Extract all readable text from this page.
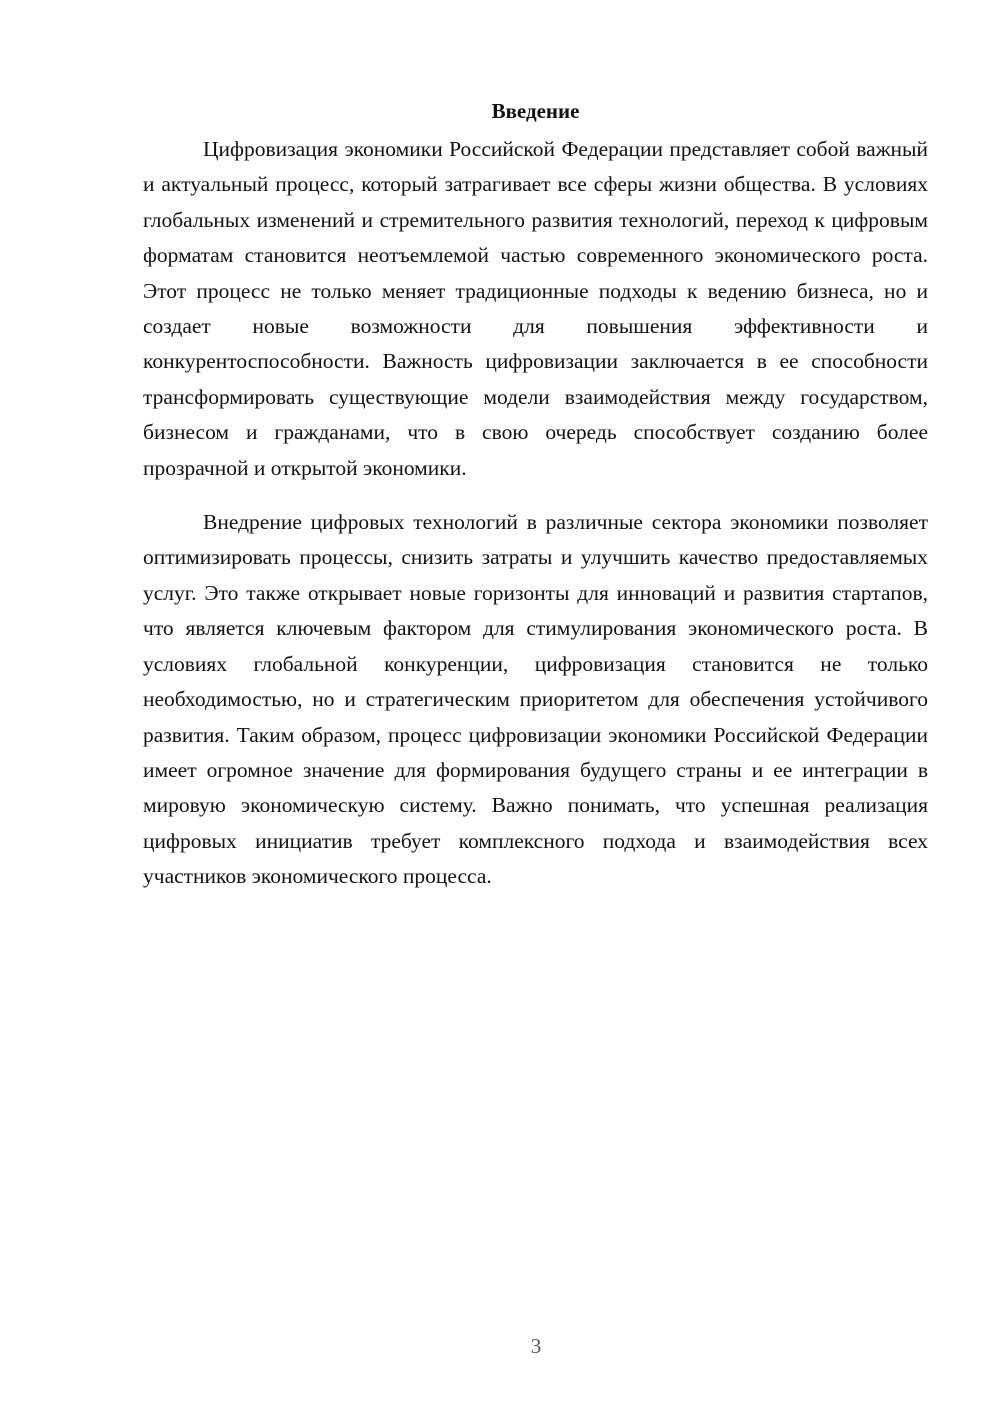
Введение

Цифровизация экономики Российской Федерации представляет собой важный и актуальный процесс, который затрагивает все сферы жизни общества. В условиях глобальных изменений и стремительного развития технологий, переход к цифровым форматам становится неотъемлемой частью современного экономического роста. Этот процесс не только меняет традиционные подходы к ведению бизнеса, но и создает новые возможности для повышения эффективности и конкурентоспособности. Важность цифровизации заключается в ее способности трансформировать существующие модели взаимодействия между государством, бизнесом и гражданами, что в свою очередь способствует созданию более прозрачной и открытой экономики.

Внедрение цифровых технологий в различные сектора экономики позволяет оптимизировать процессы, снизить затраты и улучшить качество предоставляемых услуг. Это также открывает новые горизонты для инноваций и развития стартапов, что является ключевым фактором для стимулирования экономического роста. В условиях глобальной конкуренции, цифровизация становится не только необходимостью, но и стратегическим приоритетом для обеспечения устойчивого развития. Таким образом, процесс цифровизации экономики Российской Федерации имеет огромное значение для формирования будущего страны и ее интеграции в мировую экономическую систему. Важно понимать, что успешная реализация цифровых инициатив требует комплексного подхода и взаимодействия всех участников экономического процесса.

3
